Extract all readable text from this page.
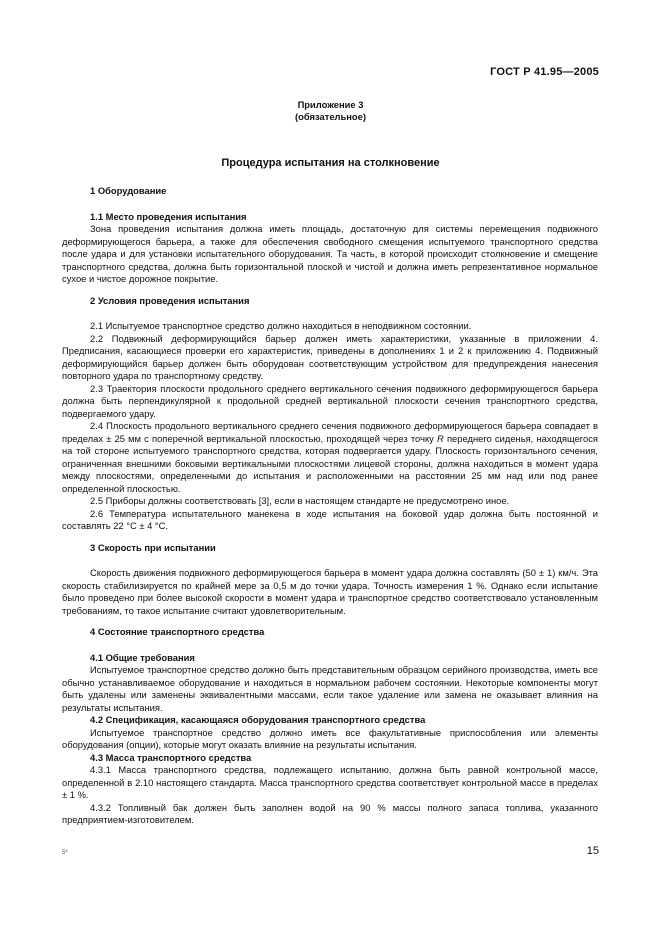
ГОСТ Р 41.95—2005
Приложение 3
(обязательное)
Процедура испытания на столкновение

1 Оборудование

1.1 Место проведения испытания

Зона проведения испытания должна иметь площадь, достаточную для системы перемещения подвижного деформирующегося барьера, а также для обеспечения свободного смещения испытуемого транспортного средства после удара и для установки испытательного оборудования. Та часть, в которой происходит столкновение и смещение транспортного средства, должна быть горизонтальной плоской и чистой и должна иметь репрезентативное нормальное сухое и чистое дорожное покрытие.

2 Условия проведения испытания

2.1 Испытуемое транспортное средство должно находиться в неподвижном состоянии.

2.2 Подвижный деформирующийся барьер должен иметь характеристики, указанные в приложении 4. Предписания, касающиеся проверки его характеристик, приведены в дополнениях 1 и 2 к приложению 4. Подвижный деформирующийся барьер должен быть оборудован соответствующим устройством для предупреждения нанесения повторного удара по транспортному средству.

2.3 Траектория плоскости продольного среднего вертикального сечения подвижного деформирующегося барьера должна быть перпендикулярной к продольной средней вертикальной плоскости сечения транспортного средства, подвергаемого удару.

2.4 Плоскость продольного вертикального среднего сечения подвижного деформирующегося барьера совпадает в пределах ± 25 мм с поперечной вертикальной плоскостью, проходящей через точку R переднего сиденья, находящегося на той стороне испытуемого транспортного средства, которая подвергается удару. Плоскость горизонтального сечения, ограниченная внешними боковыми вертикальными плоскостями лицевой стороны, должна находиться в момент удара между плоскостями, определенными до испытания и расположенными на расстоянии 25 мм над или под ранее определенной плоскостью.

2.5 Приборы должны соответствовать [3], если в настоящем стандарте не предусмотрено иное.

2.6 Температура испытательного манекена в ходе испытания на боковой удар должна быть постоянной и составлять 22 °С ± 4 °С.

3 Скорость при испытании

Скорость движения подвижного деформирующегося барьера в момент удара должна составлять (50 ± 1) км/ч. Эта скорость стабилизируется по крайней мере за 0,5 м до точки удара. Точность измерения 1 %. Однако если испытание было проведено при более высокой скорости в момент удара и транспортное средство соответствовало установленным требованиям, то такое испытание считают удовлетворительным.

4 Состояние транспортного средства

4.1 Общие требования

Испытуемое транспортное средство должно быть представительным образцом серийного производства, иметь все обычно устанавливаемое оборудование и находиться в нормальном рабочем состоянии. Некоторые компоненты могут быть удалены или заменены эквивалентными массами, если такое удаление или замена не оказывает влияния на результаты испытания.

4.2 Спецификация, касающаяся оборудования транспортного средства

Испытуемое транспортное средство должно иметь все факультативные приспособления или элементы оборудования (опции), которые могут оказать влияние на результаты испытания.

4.3 Масса транспортного средства

4.3.1 Масса транспортного средства, подлежащего испытанию, должна быть равной контрольной массе, определенной в 2.10 настоящего стандарта. Масса транспортного средства соответствует контрольной массе в пределах ± 1 %.

4.3.2 Топливный бак должен быть заполнен водой на 90 % массы полного запаса топлива, указанного предприятием-изготовителем.

5*	15
